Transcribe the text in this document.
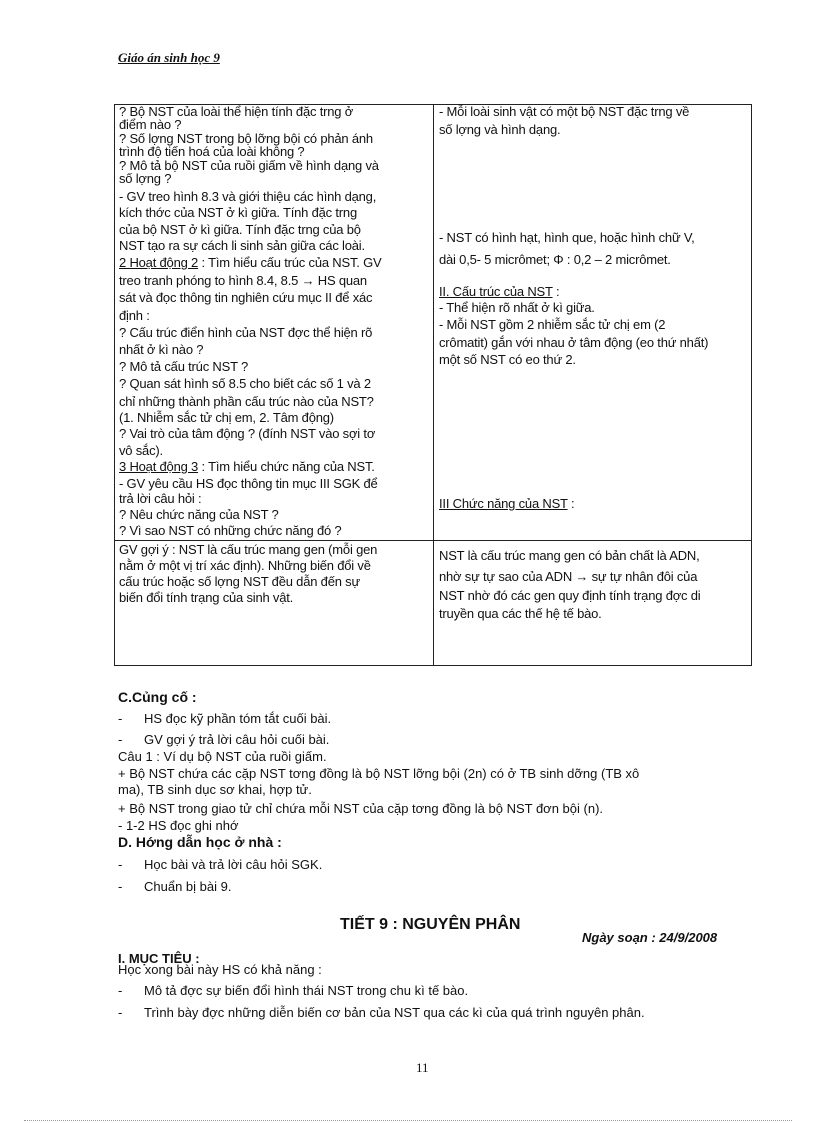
Giáo án sinh học 9
? Bộ NST của loài thể hiện tính đặc trng ở
điểm nào ?
? Số lợng NST trong bộ lỡng bội có phản ánh
trình độ tiến hoá của loài không ?
? Mô tả bộ NST của ruồi giấm về hình dạng và
số lợng ?
- GV treo hình 8.3 và giới thiệu các hình dạng,
kích thớc của NST ở kì giữa. Tính đặc trng
của bộ NST ở kì giữa. Tính đặc trng của bộ
NST tạo ra sự cách li sinh sản giữa các loài.
2 Hoạt động 2 : Tìm hiểu cấu trúc của NST. GV
treo tranh phóng to hình 8.4, 8.5 → HS quan
sát và đọc thông tin nghiên cứu mục II để xác
định :
? Cấu trúc điển hình của NST đợc thể hiện rõ
nhất ở kì nào ?
? Mô tả cấu trúc NST ?
? Quan sát hình số 8.5 cho biết các số 1 và 2
chỉ những thành phần cấu trúc nào của NST?
(1. Nhiễm sắc tử chị em, 2. Tâm động)
? Vai trò của tâm động ? (đính NST vào sợi tơ
vô sắc).
3 Hoạt động 3 : Tìm hiểu chức năng của NST.
- GV yêu cầu HS đọc thông tin mục III SGK để
trả lời câu hỏi :
? Nêu chức năng của NST ?
? Vì sao NST có những chức năng đó ?
GV gợi ý : NST là cấu trúc mang gen (mỗi gen
nằm ở một vị trí xác định). Những biến đổi về
cấu trúc hoặc số lợng NST đều dẫn đến sự
biến đổi tính trạng của sinh vật.
- Mỗi loài sinh vật có một bộ NST đặc trng về
số lợng và hình dạng.
- NST có hình hạt, hình que, hoặc hình chữ V,
dài 0,5- 5 micrômet; Φ : 0,2 – 2 micrômet.
II. Cấu trúc của NST :
- Thể hiện rõ nhất ở kì giữa.
- Mỗi NST gồm 2 nhiễm sắc tử chị em (2
crômatit) gắn với nhau ở tâm động (eo thứ nhất)
một số NST có eo thứ 2.
III Chức năng của NST :
NST là cấu trúc mang gen có bản chất là ADN,
nhờ sự tự sao của ADN → sự tự nhân đôi của
NST nhờ đó các gen quy định tính trạng đợc di
truyền qua các thế hệ tế bào.
C.Củng cố :
- HS đọc kỹ phần tóm tắt cuối bài.
- GV gợi ý trả lời câu hỏi cuối bài.
Câu 1 : Ví dụ bộ NST của ruồi giấm.
+ Bộ NST chứa các cặp NST tơng đồng là bộ NST lỡng bội (2n) có ở TB sinh dỡng (TB xô
ma), TB sinh dục sơ khai, hợp tử.
+ Bộ NST trong giao tử chỉ chứa mỗi NST của cặp tơng đồng là bộ NST đơn bội (n).
- 1-2 HS đọc ghi nhớ
D. Hớng dẫn học ở nhà :
- Học bài và trả lời câu hỏi SGK.
- Chuẩn bị bài 9.
TIẾT 9 : NGUYÊN PHÂN
Ngày soạn : 24/9/2008
I. MỤC TIÊU :
Học xong bài này HS có khả năng :
- Mô tả đợc sự biến đổi hình thái NST trong chu kì tế bào.
- Trình bày đợc những diễn biến cơ bản của NST qua các kì của quá trình nguyên phân.
11
